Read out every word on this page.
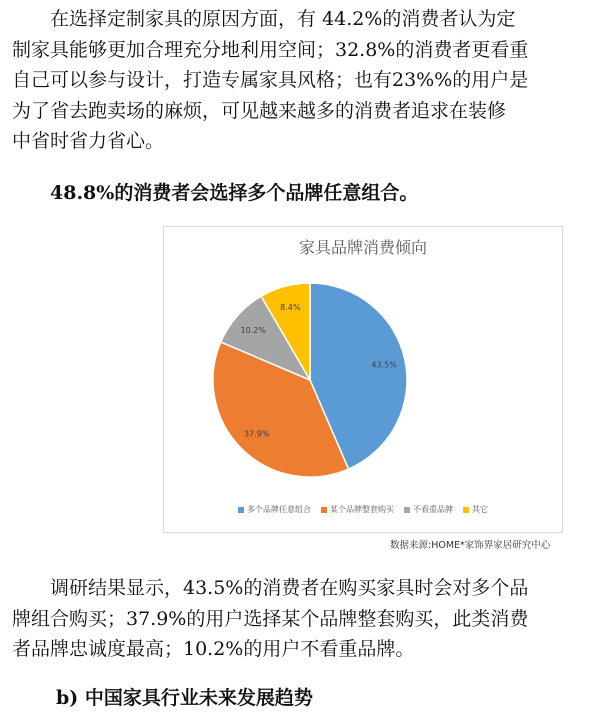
在选择定制家具的原因方面，有 44.2%的消费者认为定
制家具能够更加合理充分地利用空间；32.8%的消费者更看重
自己可以参与设计，打造专属家具风格；也有23%%的用户是
为了省去跑卖场的麻烦，可见越来越多的消费者追求在装修
中省时省力省心。
48.8%的消费者会选择多个品牌任意组合。
家具品牌消费倾向
43.5%
37.9%
10.2%
8.4%
多个品牌任意组合 某个品牌整套购买 不看重品牌 其它
数据来源:HOME*家饰界家居研究中心
调研结果显示，43.5%的消费者在购买家具时会对多个品
牌组合购买；37.9%的用户选择某个品牌整套购买，此类消费
者品牌忠诚度最高；10.2%的用户不看重品牌。
b) 中国家具行业未来发展趋势
